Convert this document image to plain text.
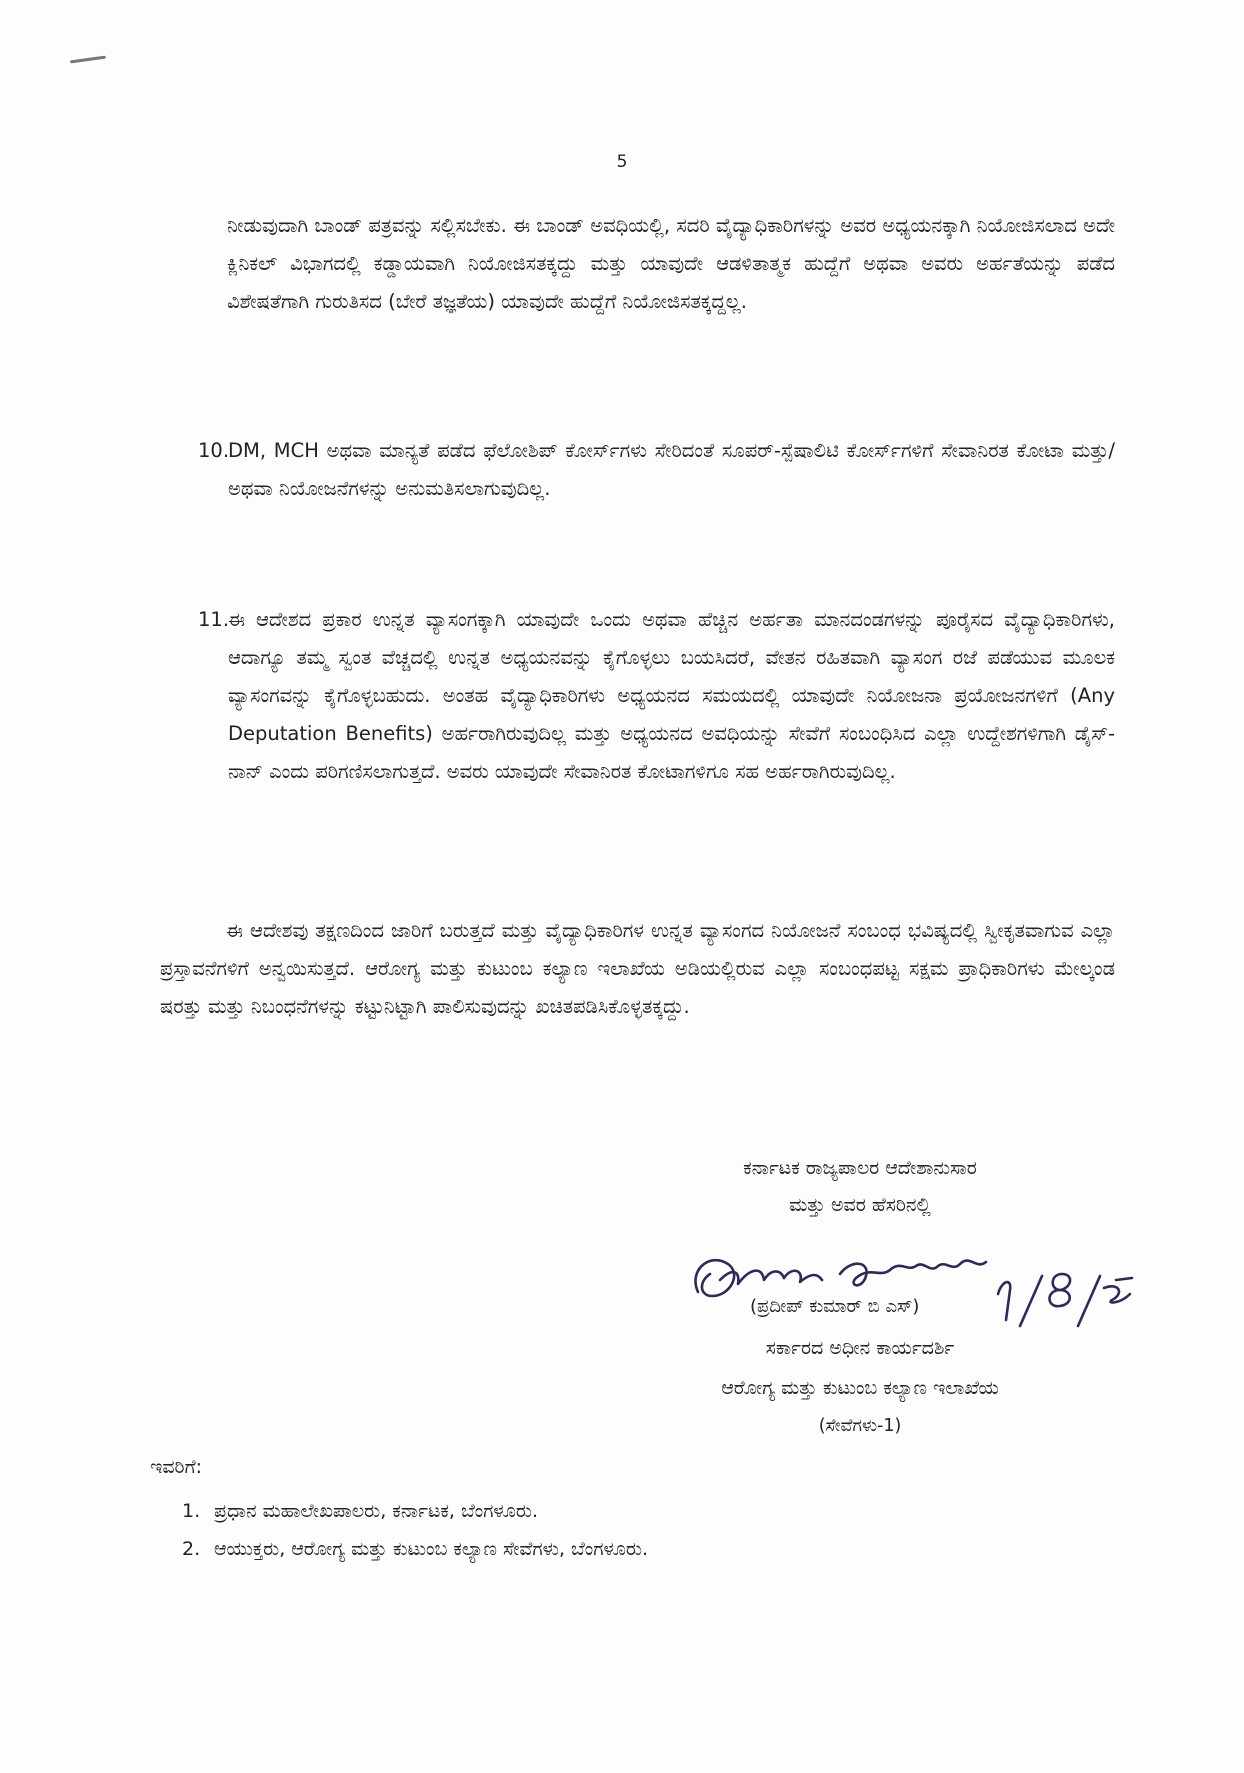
5

ನೀಡುವುದಾಗಿ ಬಾಂಡ್ ಪತ್ರವನ್ನು ಸಲ್ಲಿಸಬೇಕು. ಈ ಬಾಂಡ್ ಅವಧಿಯಲ್ಲಿ, ಸದರಿ ವೈದ್ಯಾಧಿಕಾರಿಗಳನ್ನು ಅವರ ಅಧ್ಯಯನಕ್ಕಾಗಿ ನಿಯೋಜಿಸಲಾದ ಅದೇ ಕ್ಲಿನಿಕಲ್ ವಿಭಾಗದಲ್ಲಿ ಕಡ್ಡಾಯವಾಗಿ ನಿಯೋಜಿಸತಕ್ಕದ್ದು ಮತ್ತು ಯಾವುದೇ ಆಡಳಿತಾತ್ಮಕ ಹುದ್ದೆಗೆ ಅಥವಾ ಅವರು ಅರ್ಹತೆಯನ್ನು ಪಡೆದ ವಿಶೇಷತೆಗಾಗಿ ಗುರುತಿಸದ (ಬೇರೆ ತಜ್ಞತೆಯ) ಯಾವುದೇ ಹುದ್ದೆಗೆ ನಿಯೋಜಿಸತಕ್ಕದ್ದಲ್ಲ.

10.
DM, MCH ಅಥವಾ ಮಾನ್ಯತೆ ಪಡೆದ ಫೆಲೋಶಿಪ್ ಕೋರ್ಸ್‌ಗಳು ಸೇರಿದಂತೆ ಸೂಪರ್-ಸ್ಪೆಷಾಲಿಟಿ ಕೋರ್ಸ್‌ಗಳಿಗೆ ಸೇವಾನಿರತ ಕೋಟಾ ಮತ್ತು/ ಅಥವಾ ನಿಯೋಜನೆಗಳನ್ನು ಅನುಮತಿಸಲಾಗುವುದಿಲ್ಲ.
11.
ಈ ಆದೇಶದ ಪ್ರಕಾರ ಉನ್ನತ ವ್ಯಾಸಂಗಕ್ಕಾಗಿ ಯಾವುದೇ ಒಂದು ಅಥವಾ ಹೆಚ್ಚಿನ ಅರ್ಹತಾ ಮಾನದಂಡಗಳನ್ನು ಪೂರೈಸದ ವೈದ್ಯಾಧಿಕಾರಿಗಳು, ಆದಾಗ್ಯೂ ತಮ್ಮ ಸ್ವಂತ ವೆಚ್ಚದಲ್ಲಿ ಉನ್ನತ ಅಧ್ಯಯನವನ್ನು ಕೈಗೊಳ್ಳಲು ಬಯಸಿದರೆ, ವೇತನ ರಹಿತವಾಗಿ ವ್ಯಾಸಂಗ ರಜೆ ಪಡೆಯುವ ಮೂಲಕ ವ್ಯಾಸಂಗವನ್ನು ಕೈಗೊಳ್ಳಬಹುದು. ಅಂತಹ ವೈದ್ಯಾಧಿಕಾರಿಗಳು ಅಧ್ಯಯನದ ಸಮಯದಲ್ಲಿ ಯಾವುದೇ ನಿಯೋಜನಾ ಪ್ರಯೋಜನಗಳಿಗೆ (Any Deputation Benefits) ಅರ್ಹರಾಗಿರುವುದಿಲ್ಲ ಮತ್ತು ಅಧ್ಯಯನದ ಅವಧಿಯನ್ನು ಸೇವೆಗೆ ಸಂಬಂಧಿಸಿದ ಎಲ್ಲಾ ಉದ್ದೇಶಗಳಿಗಾಗಿ ಡೈಸ್-ನಾನ್ ಎಂದು ಪರಿಗಣಿಸಲಾಗುತ್ತದೆ. ಅವರು ಯಾವುದೇ ಸೇವಾನಿರತ ಕೋಟಾಗಳಿಗೂ ಸಹ ಅರ್ಹರಾಗಿರುವುದಿಲ್ಲ.

ಈ ಆದೇಶವು ತಕ್ಷಣದಿಂದ ಜಾರಿಗೆ ಬರುತ್ತದೆ ಮತ್ತು ವೈದ್ಯಾಧಿಕಾರಿಗಳ ಉನ್ನತ ವ್ಯಾಸಂಗದ ನಿಯೋಜನೆ ಸಂಬಂಧ ಭವಿಷ್ಯದಲ್ಲಿ ಸ್ವೀಕೃತವಾಗುವ ಎಲ್ಲಾ ಪ್ರಸ್ತಾವನೆಗಳಿಗೆ ಅನ್ವಯಿಸುತ್ತದೆ. ಆರೋಗ್ಯ ಮತ್ತು ಕುಟುಂಬ ಕಲ್ಯಾಣ ಇಲಾಖೆಯ ಅಡಿಯಲ್ಲಿರುವ ಎಲ್ಲಾ ಸಂಬಂಧಪಟ್ಟ ಸಕ್ಷಮ ಪ್ರಾಧಿಕಾರಿಗಳು ಮೇಲ್ಕಂಡ ಷರತ್ತು ಮತ್ತು ನಿಬಂಧನೆಗಳನ್ನು ಕಟ್ಟುನಿಟ್ಟಾಗಿ ಪಾಲಿಸುವುದನ್ನು ಖಚಿತಪಡಿಸಿಕೊಳ್ಳತಕ್ಕದ್ದು.

ಕರ್ನಾಟಕ ರಾಜ್ಯಪಾಲರ ಆದೇಶಾನುಸಾರ
ಮತ್ತು ಅವರ ಹೆಸರಿನಲ್ಲಿ
(ಪ್ರದೀಪ್ ಕುಮಾರ್ ಬಿ ಎಸ್)
ಸರ್ಕಾರದ ಅಧೀನ ಕಾರ್ಯದರ್ಶಿ
ಆರೋಗ್ಯ ಮತ್ತು ಕುಟುಂಬ ಕಲ್ಯಾಣ ಇಲಾಖೆಯ
(ಸೇವೆಗಳು-1)
ಇವರಿಗೆ:
1. ಪ್ರಧಾನ ಮಹಾಲೇಖಪಾಲರು, ಕರ್ನಾಟಕ, ಬೆಂಗಳೂರು.
2. ಆಯುಕ್ತರು, ಆರೋಗ್ಯ ಮತ್ತು ಕುಟುಂಬ ಕಲ್ಯಾಣ ಸೇವೆಗಳು, ಬೆಂಗಳೂರು.
